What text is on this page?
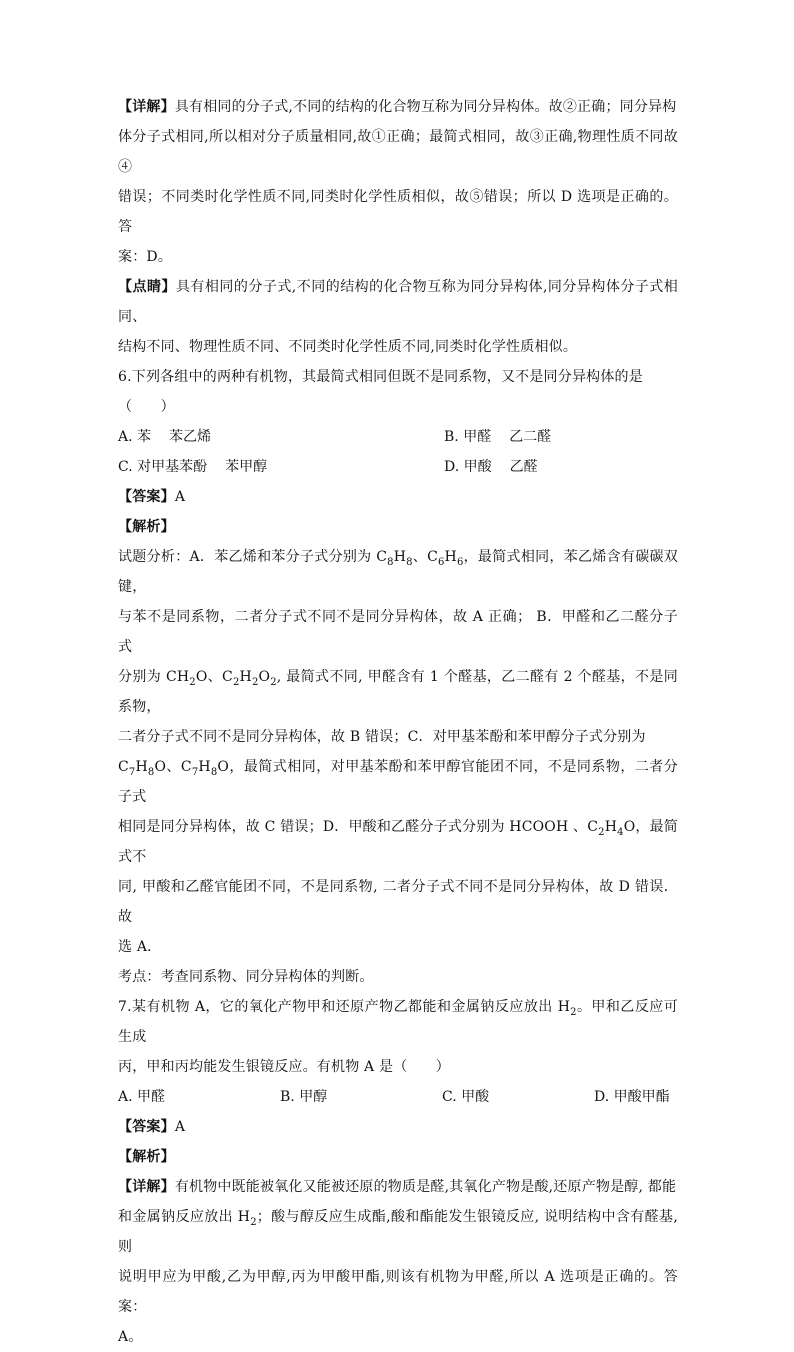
【详解】具有相同的分子式,不同的结构的化合物互称为同分异构体。故②正确；同分异构

体分子式相同,所以相对分子质量相同,故①正确；最简式相同，故③正确,物理性质不同故④

错误；不同类时化学性质不同,同类时化学性质相似，故⑤错误；所以 D 选项是正确的。答

案：D。

【点睛】具有相同的分子式,不同的结构的化合物互称为同分异构体,同分异构体分子式相同、

结构不同、物理性质不同、不同类时化学性质不同,同类时化学性质相似。

6.下列各组中的两种有机物，其最简式相同但既不是同系物，又不是同分异构体的是

（　　）

A. 苯 苯乙烯	B. 甲醛 乙二醛
C. 对甲基苯酚 苯甲醇	D. 甲酸 乙醛

【答案】A

【解析】

试题分析：A．苯乙烯和苯分子式分别为 $C_8H_8$、$C_6H_6$，最简式相同，苯乙烯含有碳碳双键，

与苯不是同系物，二者分子式不同不是同分异构体，故 A 正确； B．甲醛和乙二醛分子式

分别为 $CH_2O$、$C_2H_2O_2$, 最简式不同, 甲醛含有 1 个醛基，乙二醛有 2 个醛基，不是同系物，

二者分子式不同不是同分异构体，故 B 错误；C．对甲基苯酚和苯甲醇分子式分别为

$C_7H_8O$、$C_7H_8O$，最简式相同，对甲基苯酚和苯甲醇官能团不同，不是同系物，二者分子式

相同是同分异构体，故 C 错误；D．甲酸和乙醛分子式分别为 HCOOH 、$C_2H_4O$，最简式不

同, 甲酸和乙醛官能团不同，不是同系物, 二者分子式不同不是同分异构体，故 D 错误．故

选 A．

考点：考查同系物、同分异构体的判断。

7.某有机物 A，它的氧化产物甲和还原产物乙都能和金属钠反应放出 $H_2$。甲和乙反应可生成

丙，甲和丙均能发生银镜反应。有机物 A 是（　　）

A. 甲醛	B. 甲醇	C. 甲酸	D. 甲酸甲酯

【答案】A

【解析】

【详解】有机物中既能被氧化又能被还原的物质是醛,其氧化产物是酸,还原产物是醇, 都能

和金属钠反应放出 $H_2$；酸与醇反应生成酯,酸和酯能发生银镜反应, 说明结构中含有醛基,则

说明甲应为甲酸,乙为甲醇,丙为甲酸甲酯,则该有机物为甲醛,所以 A 选项是正确的。答案：

A。
